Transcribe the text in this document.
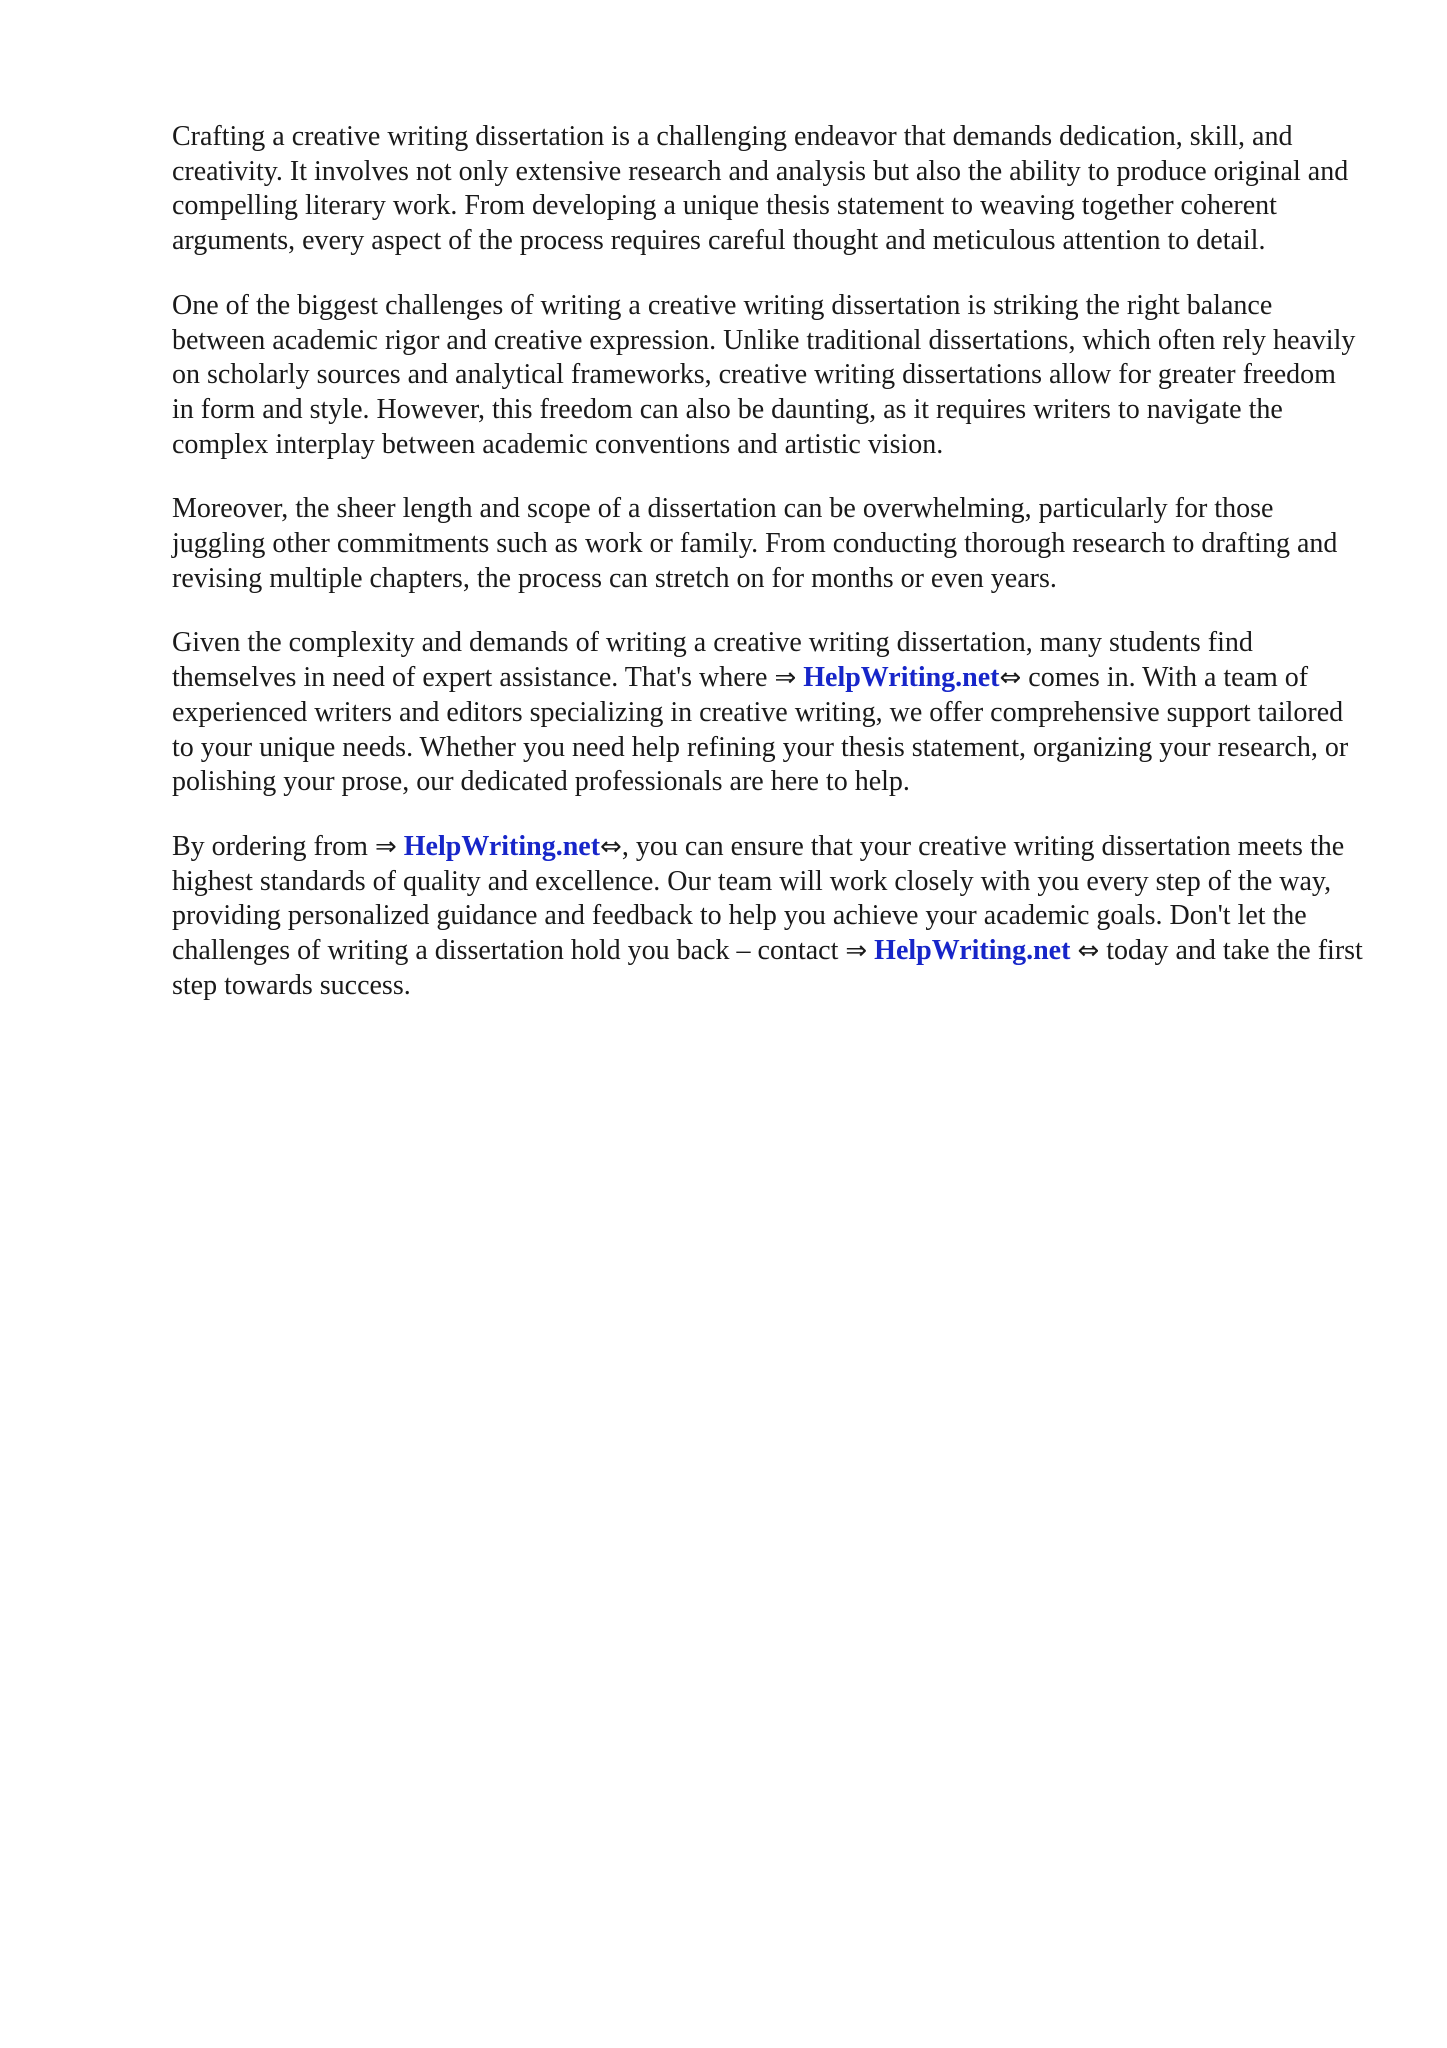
Crafting a creative writing dissertation is a challenging endeavor that demands dedication, skill, and creativity. It involves not only extensive research and analysis but also the ability to produce original and compelling literary work. From developing a unique thesis statement to weaving together coherent arguments, every aspect of the process requires careful thought and meticulous attention to detail.

One of the biggest challenges of writing a creative writing dissertation is striking the right balance between academic rigor and creative expression. Unlike traditional dissertations, which often rely heavily on scholarly sources and analytical frameworks, creative writing dissertations allow for greater freedom in form and style. However, this freedom can also be daunting, as it requires writers to navigate the complex interplay between academic conventions and artistic vision.

Moreover, the sheer length and scope of a dissertation can be overwhelming, particularly for those juggling other commitments such as work or family. From conducting thorough research to drafting and revising multiple chapters, the process can stretch on for months or even years.

Given the complexity and demands of writing a creative writing dissertation, many students find themselves in need of expert assistance. That's where ⇒ HelpWriting.net⇔ comes in. With a team of experienced writers and editors specializing in creative writing, we offer comprehensive support tailored to your unique needs. Whether you need help refining your thesis statement, organizing your research, or polishing your prose, our dedicated professionals are here to help.

By ordering from ⇒ HelpWriting.net⇔, you can ensure that your creative writing dissertation meets the highest standards of quality and excellence. Our team will work closely with you every step of the way, providing personalized guidance and feedback to help you achieve your academic goals. Don't let the challenges of writing a dissertation hold you back – contact ⇒ HelpWriting.net ⇔ today and take the first step towards success.
